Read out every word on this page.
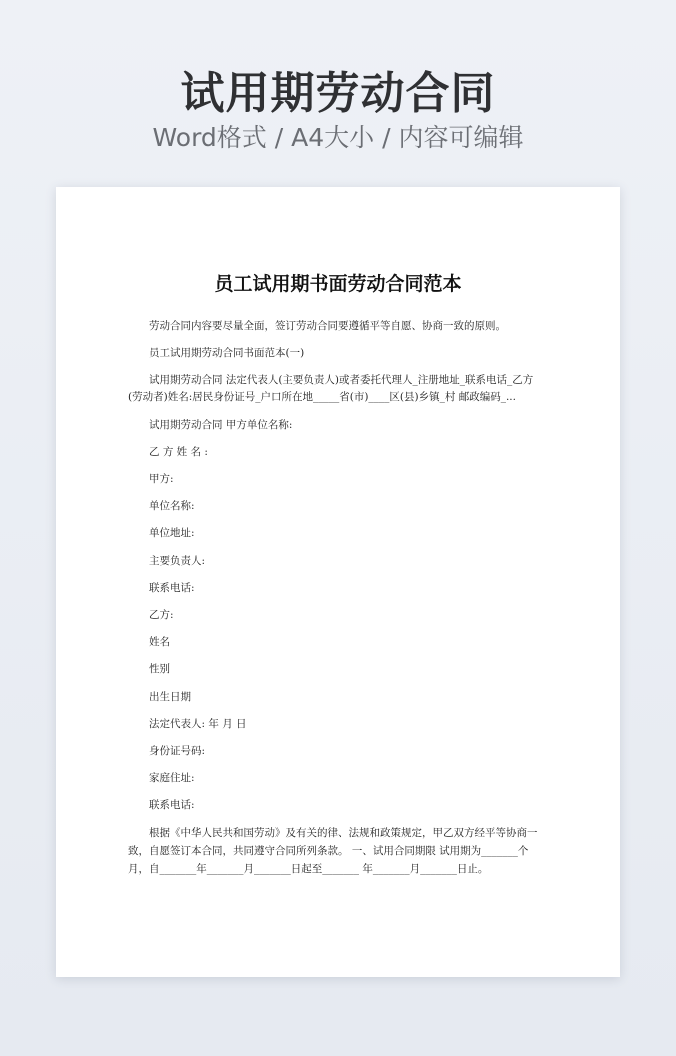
试用期劳动合同
Word格式 / A4大小 / 内容可编辑
员工试用期书面劳动合同范本
劳动合同内容要尽量全面，签订劳动合同要遵循平等自愿、协商一致的原则。
员工试用期劳动合同书面范本(一)
试用期劳动合同 法定代表人(主要负责人)或者委托代理人_注册地址_联系电话_乙方
(劳动者)姓名:居民身份证号_户口所在地_____省(市)____区(县)乡镇_村 邮政编码_...
试用期劳动合同 甲方单位名称:
乙 方 姓 名 :
甲方:
单位名称:
单位地址:
主要负责人:
联系电话:
乙方:
姓名
性别
出生日期
法定代表人: 年 月 日
身份证号码:
家庭住址:
联系电话:
根据《中华人民共和国劳动》及有关的律、法规和政策规定，甲乙双方经平等协商一
致，自愿签订本合同，共同遵守合同所列条款。 一、试用合同期限 试用期为_______个
月，自_______年_______月_______日起至_______ 年_______月_______日止。
